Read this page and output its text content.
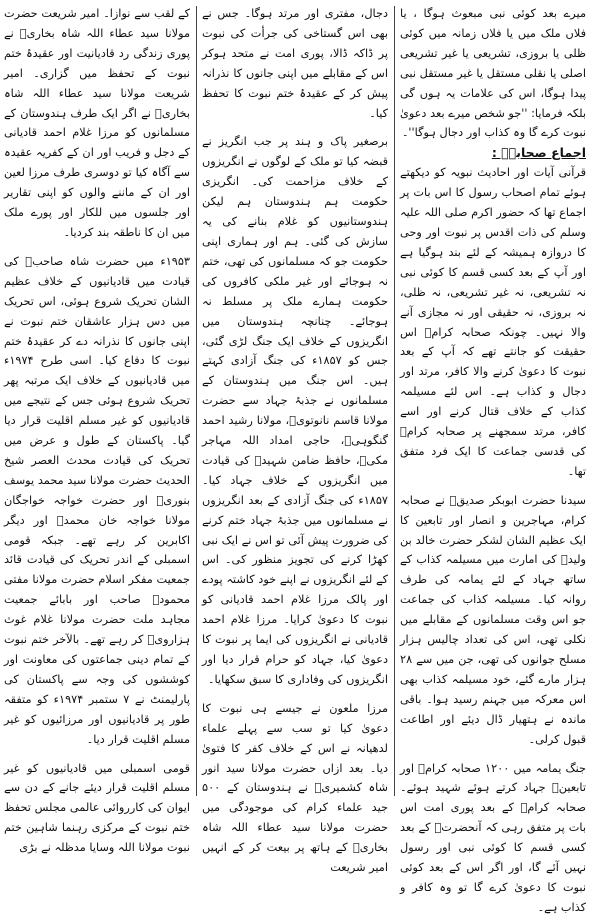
میرے بعد کوئی نبی مبعوث ہوگا ، یا فلاں ملک میں یا فلاں زمانہ میں کوئی ظلی یا بروزی، تشریعی یا غیر تشریعی اصلی یا نقلی مستقل یا غیر مستقل نبی پیدا ہوگا، اس کی علامات یہ ہوں گی بلکہ فرمایا: ''جو شخص میرے بعد دعویٰ نبوت کرے گا وہ کذاب اور دجال ہوگا''۔

اجماع صحابہؓ :

قرآنی آیات اور احادیث نبویہ کو دیکھتے ہوئے تمام اصحاب رسول کا اس بات پر اجماع تھا کہ حضور اکرم صلی اللہ علیہ وسلم کی ذات اقدس پر نبوت اور وحی کا دروازہ ہمیشہ کے لئے بند ہوگیا ہے اور آپ کے بعد کسی قسم کا کوئی نبی نہ تشریعی، نہ غیر تشریعی، نہ ظلی، نہ بروزی، نہ حقیقی اور نہ مجازی آنے والا نہیں۔ چونکہ صحابہ کرامؓ اس حقیقت کو جانتے تھے کہ آپ کے بعد نبوت کا دعویٰ کرنے والا کافر، مرتد اور دجال و کذاب ہے۔ اس لئے مسیلمہ کذاب کے خلاف قتال کرنے اور اسے کافر، مرتد سمجھنے پر صحابہ کرامؓ کی قدسی جماعت کا ایک فرد متفق تھا۔

سیدنا حضرت ابوبکر صدیقؓ نے صحابہ کرام، مہاجرین و انصار اور تابعین کا ایک عظیم الشان لشکر حضرت خالد بن ولیدؓ کی امارت میں مسیلمہ کذاب کے ساتھ جہاد کے لئے یمامہ کی طرف روانہ کیا۔ مسیلمہ کذاب کی جماعت جو اس وقت مسلمانوں کے مقابلے میں نکلی تھی، اس کی تعداد چالیس ہزار مسلح جوانوں کی تھی، جن میں سے ۲۸ ہزار مارے گئے، خود مسیلمہ کذاب بھی اس معرکہ میں جہنم رسید ہوا۔ باقی ماندہ نے ہتھیار ڈال دیئے اور اطاعت قبول کرلی۔

جنگ یمامہ میں ۱۲۰۰ صحابہ کرامؓ اور تابعینؒ جہاد کرتے ہوئے شہید ہوئے۔ صحابہ کرامؓ کے بعد پوری امت اس بات پر متفق رہی کہ آنحضرتؐ کے بعد کسی قسم کا کوئی نبی اور رسول نہیں آئے گا، اور اگر اس کے بعد کوئی نبوت کا دعویٰ کرے گا تو وہ کافر و کذاب ہے۔

دجال، مفتری اور مرتد ہوگا۔ جس نے بھی اس گستاخی کی جرأت کی نبوت پر ڈاکہ ڈالا، پوری امت نے متحد ہوکر اس کے مقابلے میں اپنی جانوں کا نذرانہ پیش کر کے عقیدۂ ختم نبوت کا تحفظ کیا۔

برصغیر پاک و ہند پر جب انگریز نے قبضہ کیا تو ملک کے لوگوں نے انگریزوں کے خلاف مزاحمت کی۔ انگریزی حکومت ہم ہندوستان ہم لیکن ہندوستانیوں کو غلام بنانے کی یہ سازش کی گئی۔ ہم اور ہماری اپنی حکومت جو کہ مسلمانوں کی تھی، ختم نہ ہوجائے اور غیر ملکی کافروں کی حکومت ہمارے ملک پر مسلط نہ ہوجائے۔ چنانچہ ہندوستان میں انگریزوں کے خلاف ایک جنگ لڑی گئی، جس کو ۱۸۵۷ء کی جنگ آزادی کہتے ہیں۔ اس جنگ میں ہندوستان کے مسلمانوں نے جذبۂ جہاد سے حضرت مولانا قاسم نانوتویؒ، مولانا رشید احمد گنگوہیؒ، حاجی امداد اللہ مہاجر مکیؒ، حافظ ضامن شہیدؒ کی قیادت میں انگریزوں کے خلاف جہاد کیا۔ ۱۸۵۷ء کی جنگ آزادی کے بعد انگریزوں نے مسلمانوں میں جذبۂ جہاد ختم کرنے کی ضرورت پیش آئی تو اس نے ایک نبی کھڑا کرنے کی تجویز منظور کی۔ اس کے لئے انگریزوں نے اپنے خود کاشتہ پودے اور پالک مرزا غلام احمد قادیانی کو نبوت کا دعویٰ کرایا۔ مرزا غلام احمد قادیانی نے انگریزوں کی ایما پر نبوت کا دعویٰ کیا، جہاد کو حرام قرار دیا اور انگریزوں کی وفاداری کا سبق سکھایا۔

مرزا ملعون نے جیسے ہی نبوت کا دعویٰ کیا تو سب سے پہلے علماء لدھیانہ نے اس کے خلاف کفر کا فتویٰ دیا۔ بعد ازاں حضرت مولانا سید انور شاہ کشمیریؒ نے ہندوستان کے ۵۰۰ جید علماء کرام کی موجودگی میں حضرت مولانا سید عطاء اللہ شاہ بخاریؒ کے ہاتھ پر بیعت کر کے انہیں امیر شریعت

کے لقب سے نوازا۔ امیر شریعت حضرت مولانا سید عطاء اللہ شاہ بخاریؒ نے پوری زندگی رد قادیانیت اور عقیدۂ ختم نبوت کے تحفظ میں گزاری۔ امیر شریعت مولانا سید عطاء اللہ شاہ بخاریؒ نے اگر ایک طرف ہندوستان کے مسلمانوں کو مرزا غلام احمد قادیانی کے دجل و فریب اور ان کے کفریہ عقیدہ سے آگاہ کیا تو دوسری طرف مرزا لعین اور ان کے ماننے والوں کو اپنی تقاریر اور جلسوں میں للکار اور پورے ملک میں ان کا ناطقہ بند کردیا۔

۱۹۵۳ء میں حضرت شاہ صاحبؒ کی قیادت میں قادیانیوں کے خلاف عظیم الشان تحریک شروع ہوئی، اس تحریک میں دس ہزار عاشقان ختم نبوت نے اپنی جانوں کا نذرانہ دے کر عقیدۂ ختم نبوت کا دفاع کیا۔ اسی طرح ۱۹۷۴ء میں قادیانیوں کے خلاف ایک مرتبہ پھر تحریک شروع ہوئی جس کے نتیجے میں قادیانیوں کو غیر مسلم اقلیت قرار دیا گیا۔ پاکستان کے طول و عرض میں تحریک کی قیادت محدث العصر شیخ الحدیث حضرت مولانا سید محمد یوسف بنوریؒ اور حضرت خواجہ خواجگان مولانا خواجہ خان محمدؒ اور دیگر اکابرین کر رہے تھے۔ جبکہ قومی اسمبلی کے اندر تحریک کی قیادت قائد جمعیت مفکر اسلام حضرت مولانا مفتی محمودؒ صاحب اور بابائے جمعیت مجاہد ملت حضرت مولانا غلام غوث ہزارویؒ کر رہے تھے۔ بالآخر ختم نبوت کے تمام دینی جماعتوں کی معاونت اور کوششوں کی وجہ سے پاکستان کی پارلیمنٹ نے ۷ ستمبر ۱۹۷۴ء کو متفقہ طور پر قادیانیوں اور مرزائیوں کو غیر مسلم اقلیت قرار دیا۔

قومی اسمبلی میں قادیانیوں کو غیر مسلم اقلیت قرار دیئے جانے کے دن سے ایوان کی کارروائی عالمی مجلس تحفظ ختم نبوت کے مرکزی رہنما شاہین ختم نبوت مولانا اللہ وسایا مدظلہ نے بڑی
